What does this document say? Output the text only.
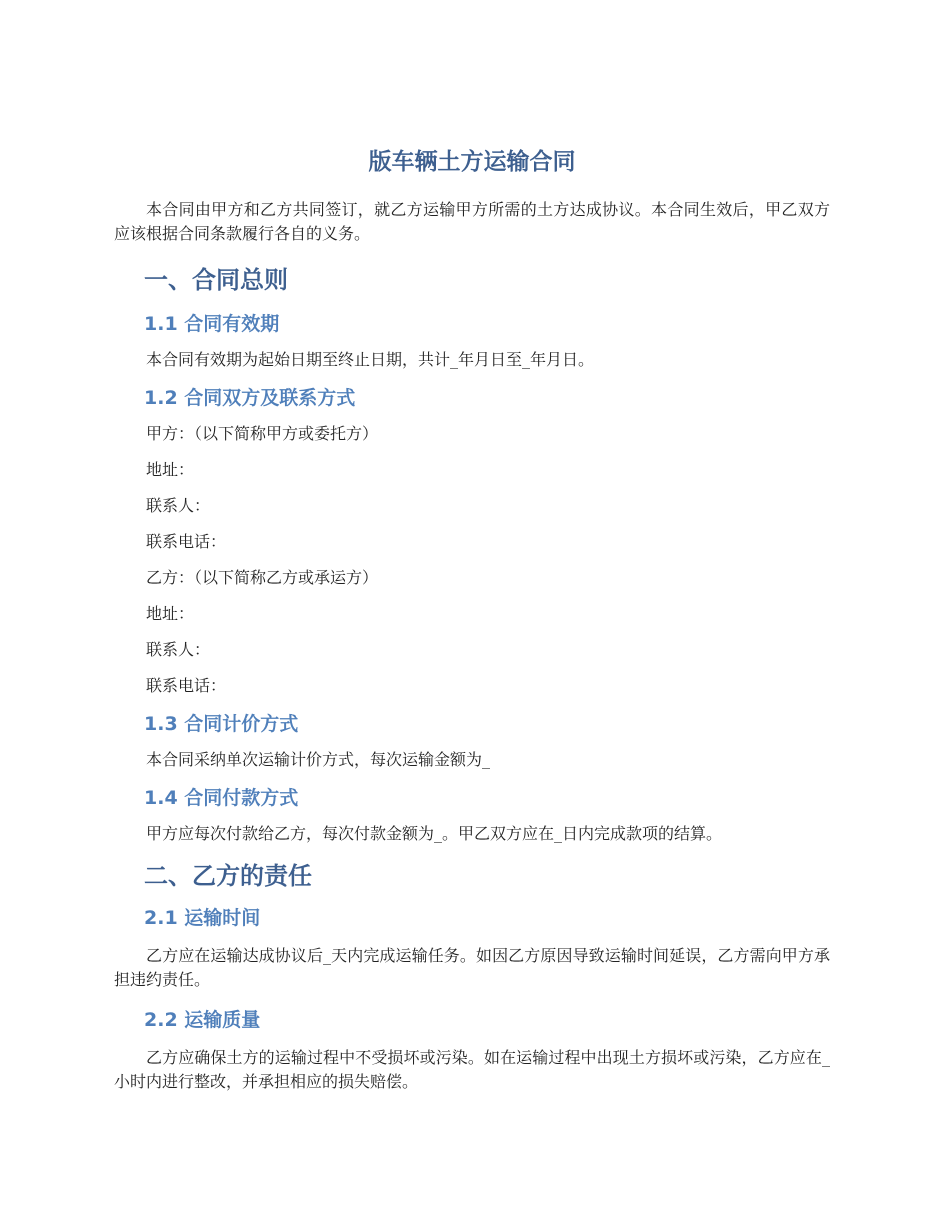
版车辆土方运输合同

本合同由甲方和乙方共同签订，就乙方运输甲方所需的土方达成协议。本合同生效后，甲乙双方应该根据合同条款履行各自的义务。

一、合同总则
1.1 合同有效期

本合同有效期为起始日期至终止日期，共计_年月日至_年月日。

1.2 合同双方及联系方式

甲方：（以下简称甲方或委托方）

地址：

联系人：

联系电话：

乙方：（以下简称乙方或承运方）

地址：

联系人：

联系电话：

1.3 合同计价方式

本合同采纳单次运输计价方式，每次运输金额为_

1.4 合同付款方式

甲方应每次付款给乙方，每次付款金额为_。甲乙双方应在_日内完成款项的结算。

二、乙方的责任
2.1 运输时间

乙方应在运输达成协议后_天内完成运输任务。如因乙方原因导致运输时间延误，乙方需向甲方承担违约责任。

2.2 运输质量

乙方应确保土方的运输过程中不受损坏或污染。如在运输过程中出现土方损坏或污染，乙方应在_小时内进行整改，并承担相应的损失赔偿。
